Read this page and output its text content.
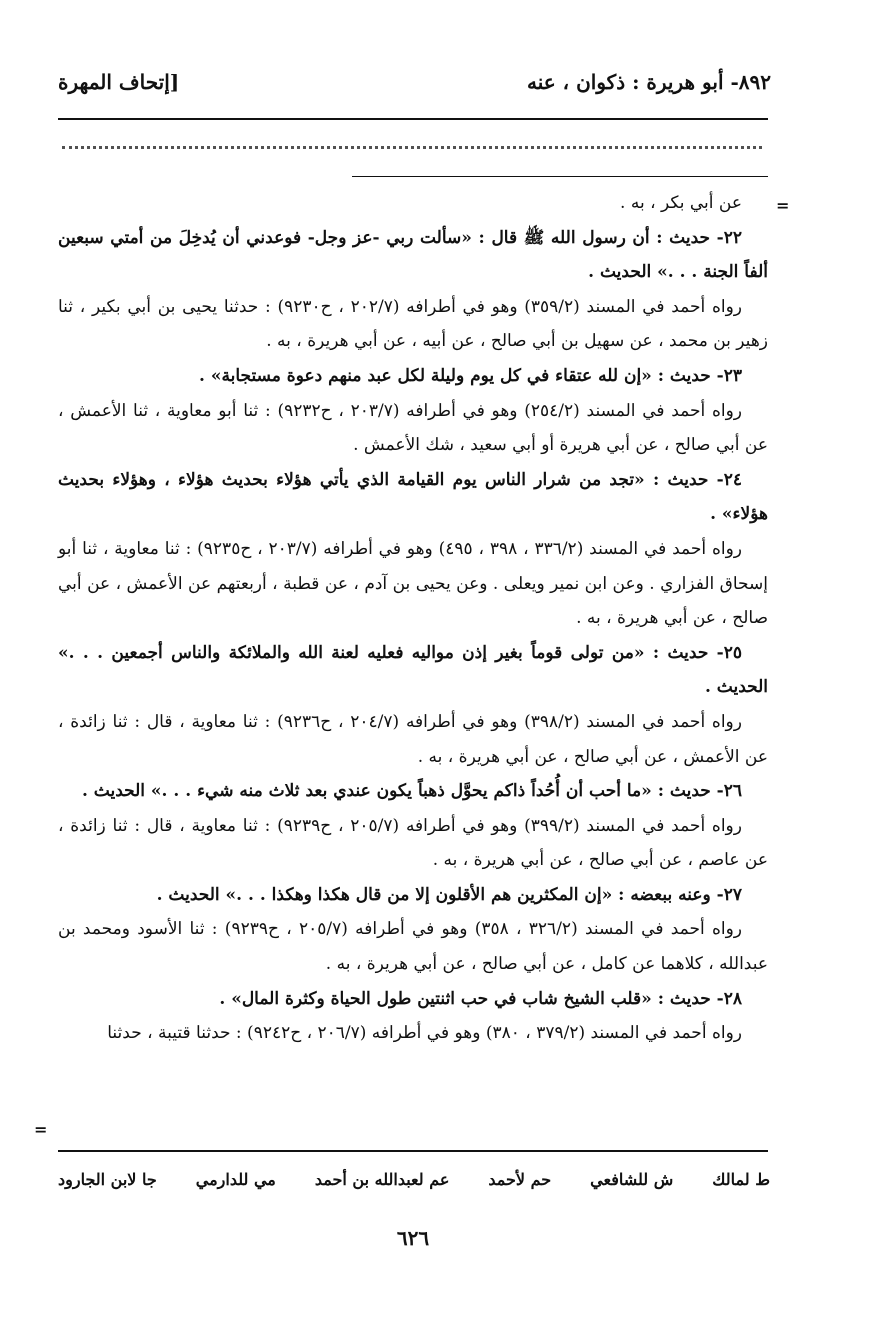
٨٩٢- أبو هريرة : ذكوان ، عنه
[إتحاف المهرة
=
=

عن أبي بكر ، به .

٢٢- حديث : أن رسول الله ﷺ قال : «سألت ربي -عز وجل- فوعدني أن يُدخِلَ من أمتي سبعين ألفاً الجنة . . .» الحديث .

رواه أحمد في المسند (٣٥٩/٢) وهو في أطرافه (٢٠٢/٧ ، ح٩٢٣٠) : حدثنا يحيى بن أبي بكير ، ثنا زهير بن محمد ، عن سهيل بن أبي صالح ، عن أبيه ، عن أبي هريرة ، به .

٢٣- حديث : «إن لله عتقاء في كل يوم وليلة لكل عبد منهم دعوة مستجابة» .

رواه أحمد في المسند (٢٥٤/٢) وهو في أطرافه (٢٠٣/٧ ، ح٩٢٣٢) : ثنا أبو معاوية ، ثنا الأعمش ، عن أبي صالح ، عن أبي هريرة أو أبي سعيد ، شك الأعمش .

٢٤- حديث : «تجد من شرار الناس يوم القيامة الذي يأتي هؤلاء بحديث هؤلاء ، وهؤلاء بحديث هؤلاء» .

رواه أحمد في المسند (٣٣٦/٢ ، ٣٩٨ ، ٤٩٥) وهو في أطرافه (٢٠٣/٧ ، ح٩٢٣٥) : ثنا معاوية ، ثنا أبو إسحاق الفزاري . وعن ابن نمير ويعلى . وعن يحيى بن آدم ، عن قطبة ، أربعتهم عن الأعمش ، عن أبي صالح ، عن أبي هريرة ، به .

٢٥- حديث : «من تولى قوماً بغير إذن مواليه فعليه لعنة الله والملائكة والناس أجمعين . . .» الحديث .

رواه أحمد في المسند (٣٩٨/٢) وهو في أطرافه (٢٠٤/٧ ، ح٩٢٣٦) : ثنا معاوية ، قال : ثنا زائدة ، عن الأعمش ، عن أبي صالح ، عن أبي هريرة ، به .

٢٦- حديث : «ما أحب أن أُحُداً ذاكم يحوَّل ذهباً يكون عندي بعد ثلاث منه شيء . . .» الحديث .

رواه أحمد في المسند (٣٩٩/٢) وهو في أطرافه (٢٠٥/٧ ، ح٩٢٣٩) : ثنا معاوية ، قال : ثنا زائدة ، عن عاصم ، عن أبي صالح ، عن أبي هريرة ، به .

٢٧- وعنه ببعضه : «إن المكثرين هم الأقلون إلا من قال هكذا وهكذا . . .» الحديث .

رواه أحمد في المسند (٣٢٦/٢ ، ٣٥٨) وهو في أطرافه (٢٠٥/٧ ، ح٩٢٣٩) : ثنا الأسود ومحمد بن عبدالله ، كلاهما عن كامل ، عن أبي صالح ، عن أبي هريرة ، به .

٢٨- حديث : «قلب الشيخ شاب في حب اثنتين طول الحياة وكثرة المال» .

رواه أحمد في المسند (٣٧٩/٢ ، ٣٨٠) وهو في أطرافه (٢٠٦/٧ ، ح٩٢٤٢) : حدثنا قتيبة ، حدثنا

ط لمالك
ش للشافعي
حم لأحمد
عم لعبدالله بن أحمد
مي للدارمي
جا لابن الجارود
٦٢٦
